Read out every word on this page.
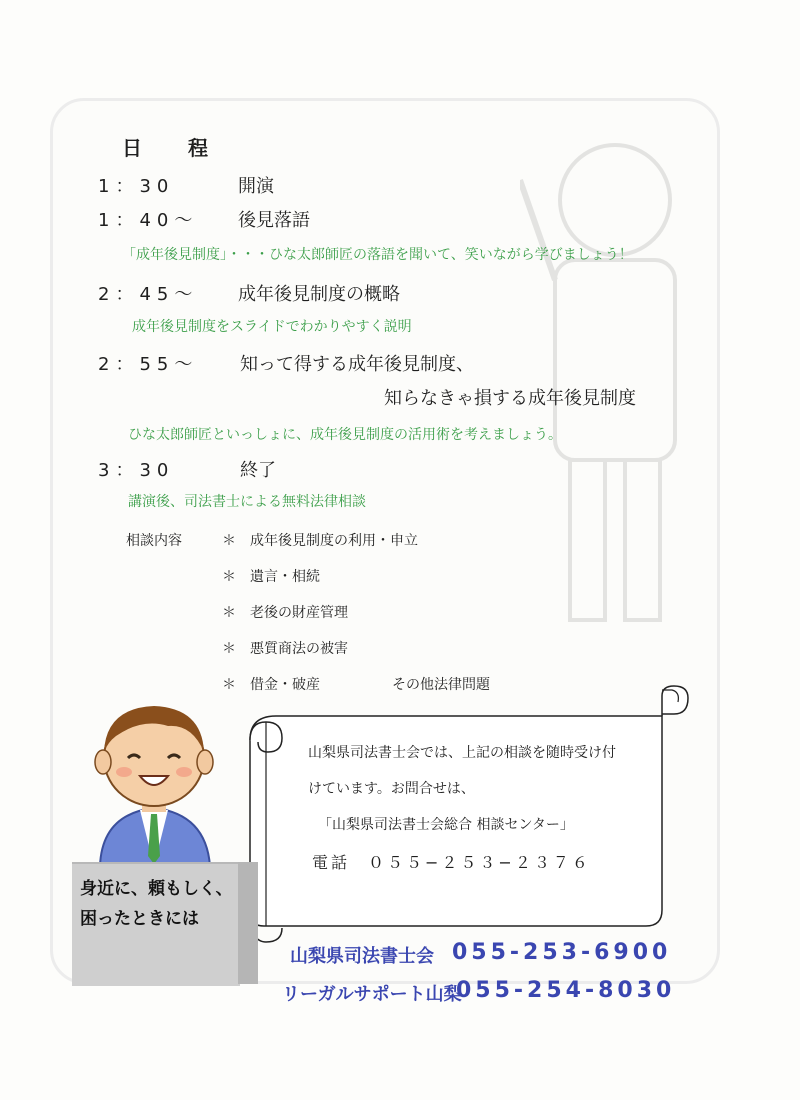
日　　程
1：30	開演
1：40〜 後見落語
「成年後見制度」・・・ひな太郎師匠の落語を聞いて、笑いながら学びましょう！
2：45〜 成年後見制度の概略
成年後見制度をスライドでわかりやすく説明
2：55〜 知って得する成年後見制度、
知らなきゃ損する成年後見制度
ひな太郎師匠といっしょに、成年後見制度の活用術を考えましょう。
3：30	終了
講演後、司法書士による無料法律相談
相談内容	＊ 成年後見制度の利用・申立
＊ 遺言・相続
＊ 老後の財産管理
＊ 悪質商法の被害
＊ 借金・破産	その他法律問題
山梨県司法書士会では、上記の相談を随時受け付
けています。お問合せは、
「山梨県司法書士会総合 相談センター」
電話 ０５５−２５３−２３７６
身近に、頼もしく、困ったときには
山梨県司法書士会 055-253-6900
リーガルサポート山梨
055-254-8030
